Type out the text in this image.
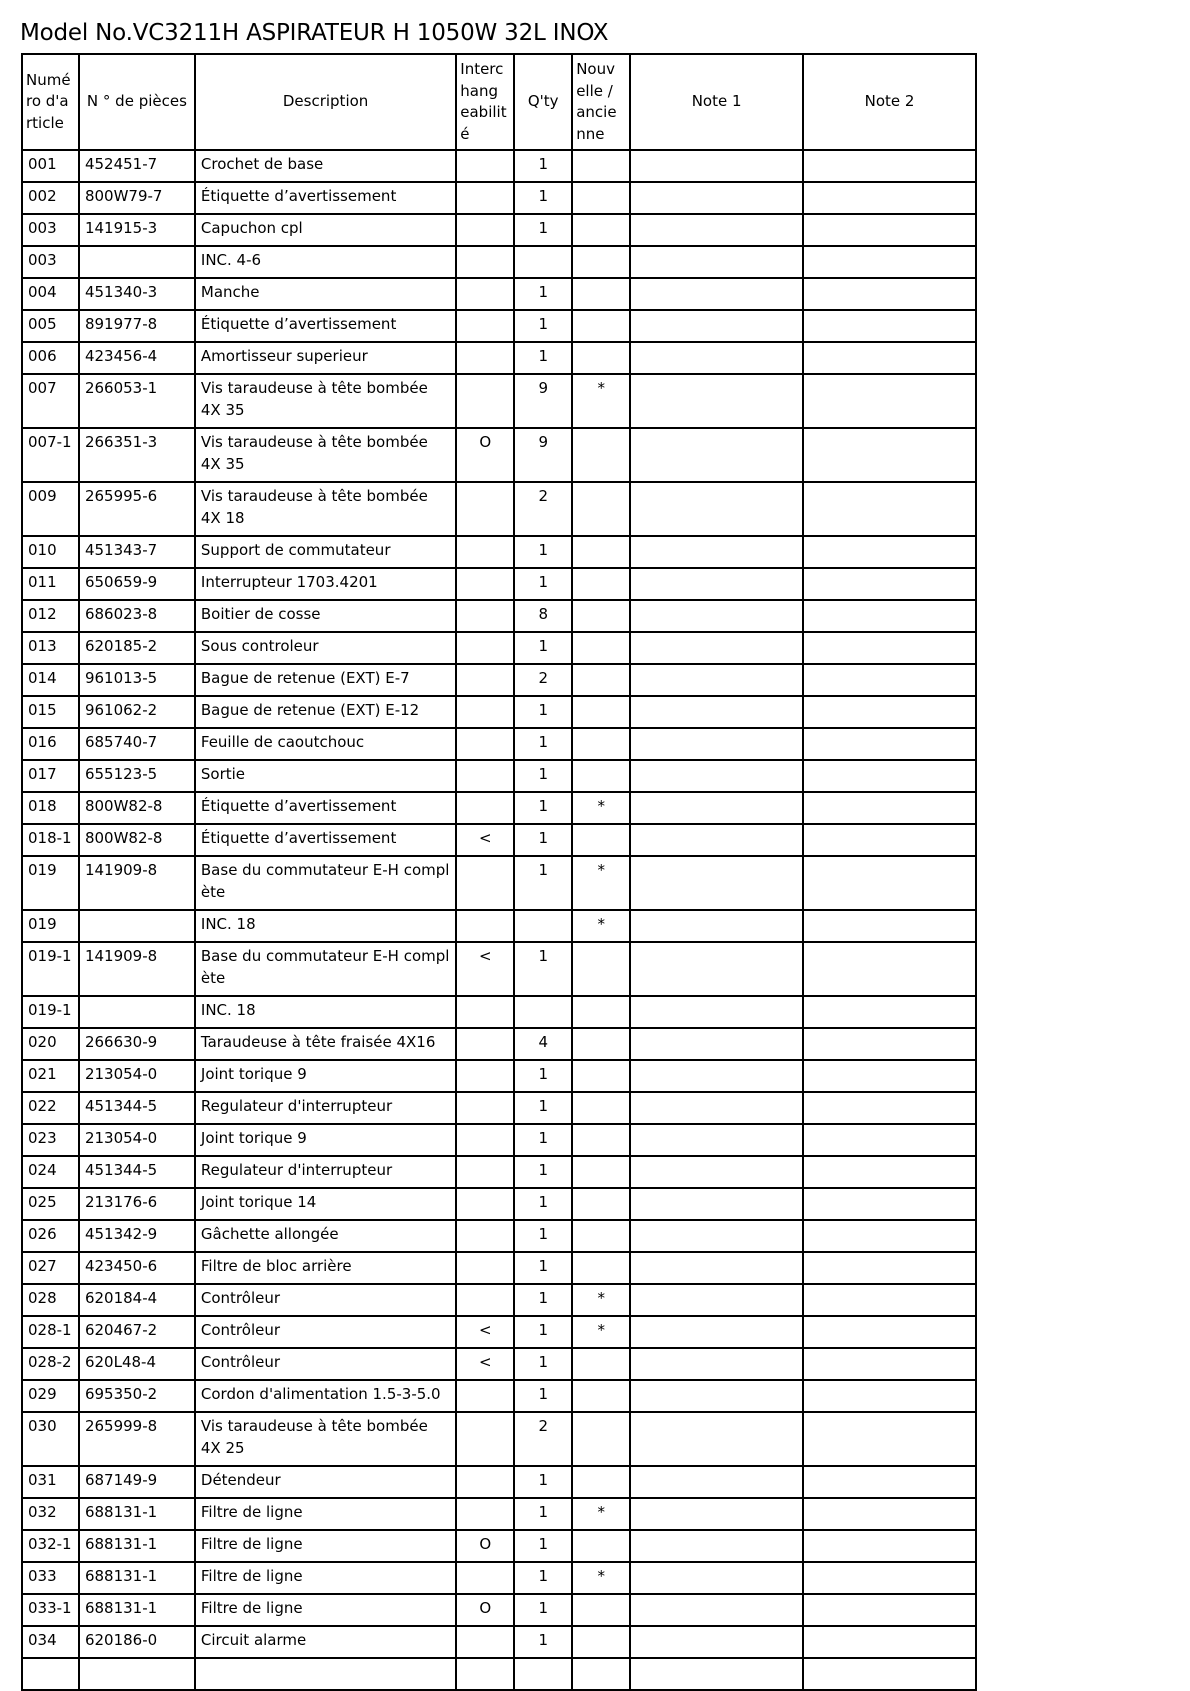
Model No.VC3211H ASPIRATEUR H 1050W 32L INOX
Numé ro d'a rticle	N ° de pièces	Description	Interc hang eabilit é	Q'ty	Nouv elle / ancie nne	Note 1	Note 2
001	452451-7	Crochet de base		1			
002	800W79-7	Étiquette d’avertissement		1			
003	141915-3	Capuchon cpl		1			
003		INC. 4-6					
004	451340-3	Manche		1			
005	891977-8	Étiquette d’avertissement		1			
006	423456-4	Amortisseur superieur		1			
007	266053-1	Vis taraudeuse à tête bombée 4X 35		9	*		
007-1	266351-3	Vis taraudeuse à tête bombée 4X 35	O	9			
009	265995-6	Vis taraudeuse à tête bombée 4X 18		2			
010	451343-7	Support de commutateur		1			
011	650659-9	Interrupteur 1703.4201		1			
012	686023-8	Boitier de cosse		8			
013	620185-2	Sous controleur		1			
014	961013-5	Bague de retenue (EXT) E-7		2			
015	961062-2	Bague de retenue (EXT) E-12		1			
016	685740-7	Feuille de caoutchouc		1			
017	655123-5	Sortie		1			
018	800W82-8	Étiquette d’avertissement		1	*		
018-1	800W82-8	Étiquette d’avertissement	<	1			
019	141909-8	Base du commutateur E-H compl ète		1	*		
019		INC. 18			*		
019-1	141909-8	Base du commutateur E-H compl ète	<	1			
019-1		INC. 18					
020	266630-9	Taraudeuse à tête fraisée 4X16		4			
021	213054-0	Joint torique 9		1			
022	451344-5	Regulateur d'interrupteur		1			
023	213054-0	Joint torique 9		1			
024	451344-5	Regulateur d'interrupteur		1			
025	213176-6	Joint torique 14		1			
026	451342-9	Gâchette allongée		1			
027	423450-6	Filtre de bloc arrière		1			
028	620184-4	Contrôleur		1	*		
028-1	620467-2	Contrôleur	<	1	*		
028-2	620L48-4	Contrôleur	<	1			
029	695350-2	Cordon d'alimentation 1.5-3-5.0		1			
030	265999-8	Vis taraudeuse à tête bombée 4X 25		2			
031	687149-9	Détendeur		1			
032	688131-1	Filtre de ligne		1	*		
032-1	688131-1	Filtre de ligne	O	1			
033	688131-1	Filtre de ligne		1	*		
033-1	688131-1	Filtre de ligne	O	1			
034	620186-0	Circuit alarme		1			
